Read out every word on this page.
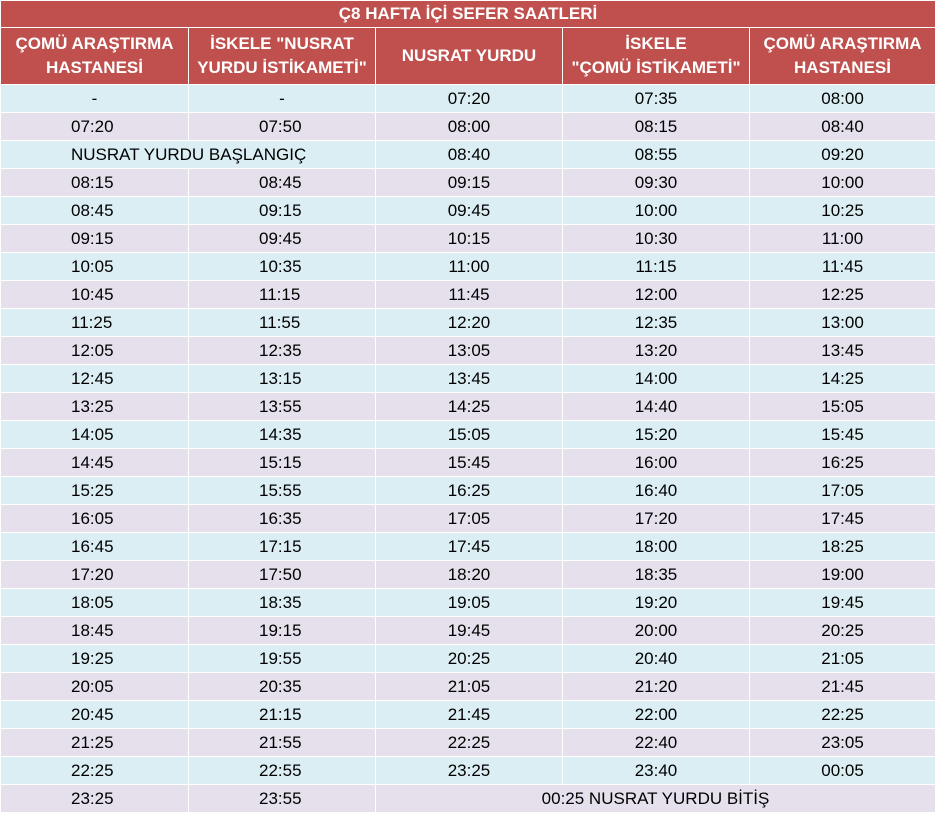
Ç8 HAFTA İÇİ SEFER SAATLERİ				

ÇOMÜ ARAŞTIRMA
HASTANESİ	İSKELE "NUSRAT
YURDU İSTİKAMETİ"	NUSRAT YURDU	İSKELE
"ÇOMÜ İSTİKAMETİ"	ÇOMÜ ARAŞTIRMA
HASTANESİ

-	-	07:20	07:35	08:00
07:20	07:50	08:00	08:15	08:40
NUSRAT YURDU BAŞLANGIÇ		08:40	08:55	09:20
08:15	08:45	09:15	09:30	10:00
08:45	09:15	09:45	10:00	10:25
09:15	09:45	10:15	10:30	11:00
10:05	10:35	11:00	11:15	11:45
10:45	11:15	11:45	12:00	12:25
11:25	11:55	12:20	12:35	13:00
12:05	12:35	13:05	13:20	13:45
12:45	13:15	13:45	14:00	14:25
13:25	13:55	14:25	14:40	15:05
14:05	14:35	15:05	15:20	15:45
14:45	15:15	15:45	16:00	16:25
15:25	15:55	16:25	16:40	17:05
16:05	16:35	17:05	17:20	17:45
16:45	17:15	17:45	18:00	18:25
17:20	17:50	18:20	18:35	19:00
18:05	18:35	19:05	19:20	19:45
18:45	19:15	19:45	20:00	20:25
19:25	19:55	20:25	20:40	21:05
20:05	20:35	21:05	21:20	21:45
20:45	21:15	21:45	22:00	22:25
21:25	21:55	22:25	22:40	23:05
22:25	22:55	23:25	23:40	00:05
23:25	23:55	00:25 NUSRAT YURDU BİTİŞ		
